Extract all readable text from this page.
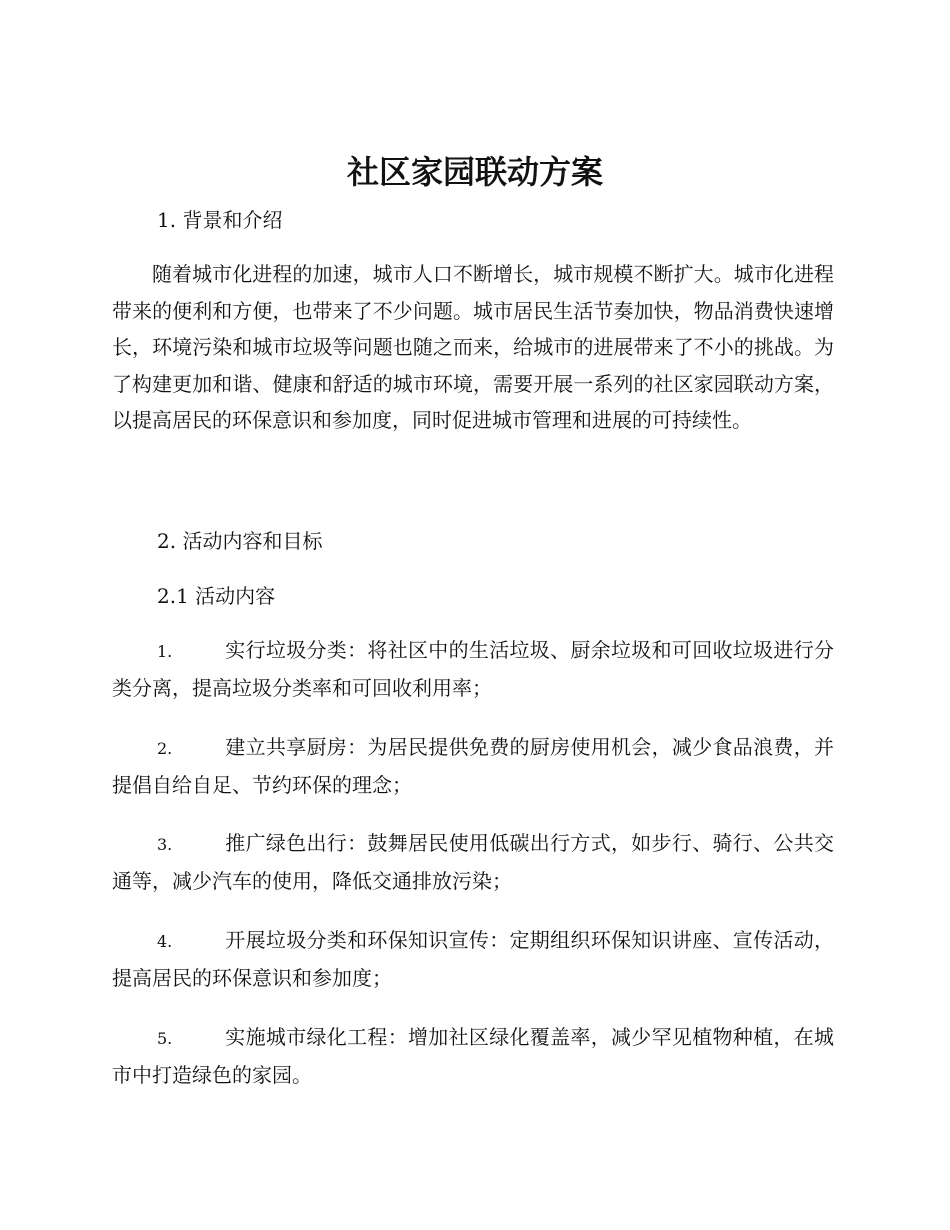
社区家园联动方案
1. 背景和介绍

随着城市化进程的加速，城市人口不断增长，城市规模不断扩大。城市化进程带来的便利和方便，也带来了不少问题。城市居民生活节奏加快，物品消费快速增长，环境污染和城市垃圾等问题也随之而来，给城市的进展带来了不小的挑战。为了构建更加和谐、健康和舒适的城市环境，需要开展一系列的社区家园联动方案，以提高居民的环保意识和参加度，同时促进城市管理和进展的可持续性。

2. 活动内容和目标
2.1 活动内容
1.	实行垃圾分类：将社区中的生活垃圾、厨余垃圾和可回收垃圾进行分类分离，提高垃圾分类率和可回收利用率；
2.	建立共享厨房：为居民提供免费的厨房使用机会，减少食品浪费，并提倡自给自足、节约环保的理念；
3.	推广绿色出行：鼓舞居民使用低碳出行方式，如步行、骑行、公共交通等，减少汽车的使用，降低交通排放污染；
4.	开展垃圾分类和环保知识宣传：定期组织环保知识讲座、宣传活动，提高居民的环保意识和参加度；
5.	实施城市绿化工程：增加社区绿化覆盖率，减少罕见植物种植，在城市中打造绿色的家园。
